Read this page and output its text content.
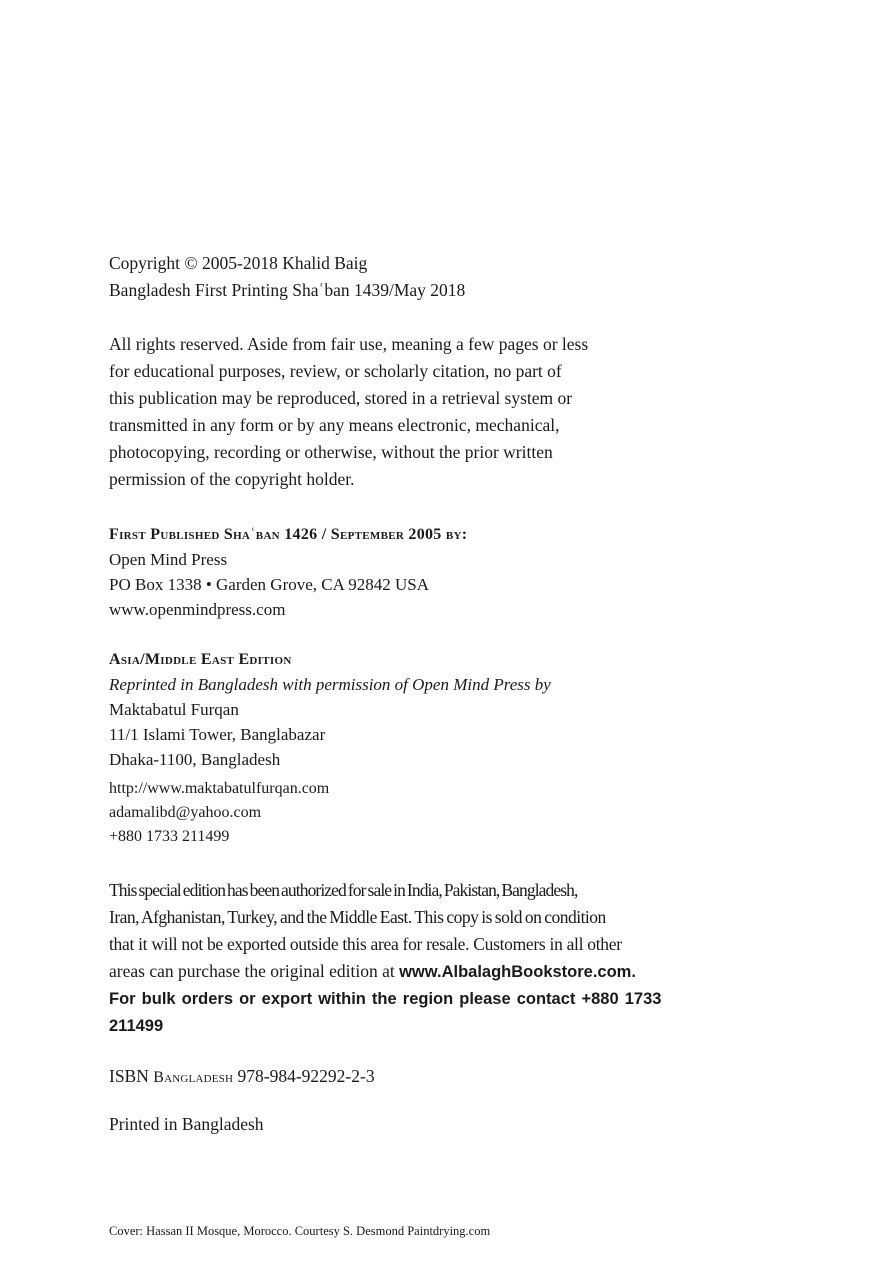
Copyright © 2005-2018 Khalid Baig
Bangladesh First Printing Shaʿban 1439/May 2018
All rights reserved. Aside from fair use, meaning a few pages or less
for educational purposes, review, or scholarly citation, no part of
this publication may be reproduced, stored in a retrieval system or
transmitted in any form or by any means electronic, mechanical,
photocopying, recording or otherwise, without the prior written
permission of the copyright holder.
First Published Shaʿban 1426 / September 2005 by:
Open Mind Press
PO Box 1338 • Garden Grove, CA 92842 USA
www.openmindpress.com
Asia/Middle East Edition
Reprinted in Bangladesh with permission of Open Mind Press by
Maktabatul Furqan
11/1 Islami Tower, Banglabazar
Dhaka-1100, Bangladesh
http://www.maktabatulfurqan.com
adamalibd@yahoo.com
+880 1733 211499
This special edition has been authorized for sale in India, Pakistan, Bangladesh,
Iran, Afghanistan, Turkey, and the Middle East. This copy is sold on condition
that it will not be exported outside this area for resale. Customers in all other
areas can purchase the original edition at www.AlbalaghBookstore.com.
For bulk orders or export within the region please contact +880 1733
211499
ISBN Bangladesh 978-984-92292-2-3
Printed in Bangladesh
Cover: Hassan II Mosque, Morocco. Courtesy S. Desmond Paintdrying.com
